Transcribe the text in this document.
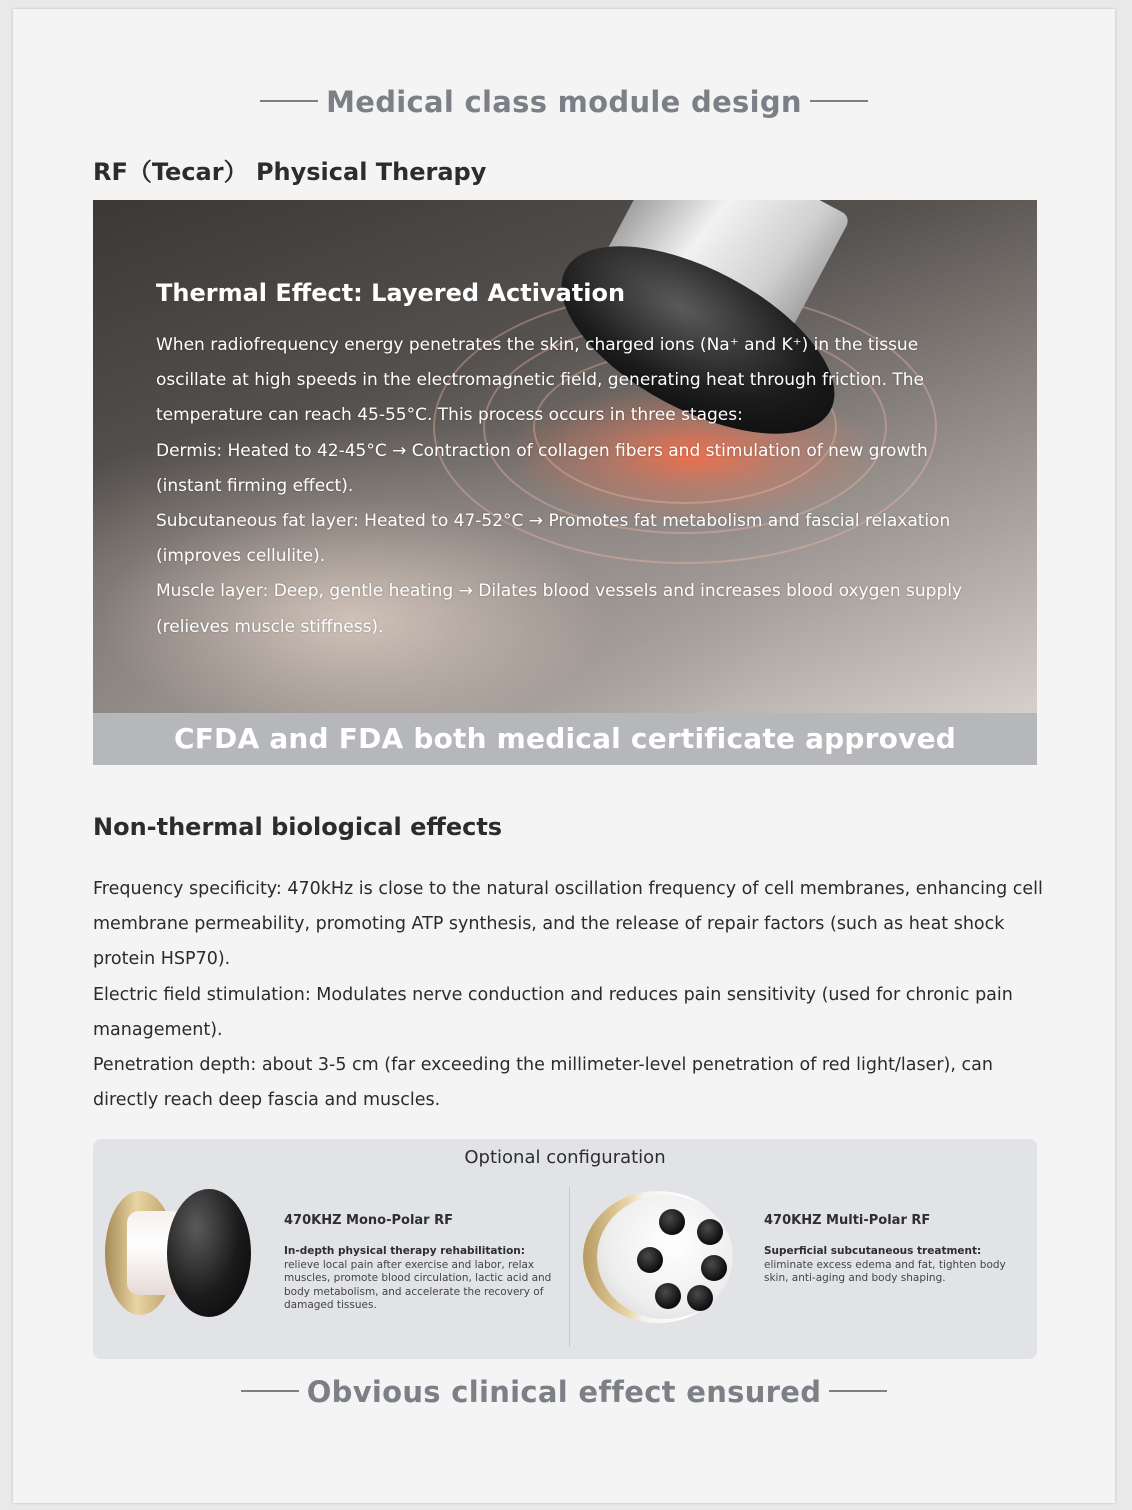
Medical class module design
RF（Tecar） Physical Therapy
Thermal Effect: Layered Activation

When radiofrequency energy penetrates the skin, charged ions (Na⁺ and K⁺) in the tissue oscillate at high speeds in the electromagnetic field, generating heat through friction. The temperature can reach 45-55°C. This process occurs in three stages:

Dermis: Heated to 42-45°C → Contraction of collagen fibers and stimulation of new growth (instant firming effect).

Subcutaneous fat layer: Heated to 47-52°C → Promotes fat metabolism and fascial relaxation (improves cellulite).

Muscle layer: Deep, gentle heating → Dilates blood vessels and increases blood oxygen supply (relieves muscle stiffness).

CFDA and FDA both medical certificate approved
Non-thermal biological effects

Frequency specificity: 470kHz is close to the natural oscillation frequency of cell membranes, enhancing cell membrane permeability, promoting ATP synthesis, and the release of repair factors (such as heat shock protein HSP70).

Electric field stimulation: Modulates nerve conduction and reduces pain sensitivity (used for chronic pain management).

Penetration depth: about 3-5 cm (far exceeding the millimeter-level penetration of red light/laser), can directly reach deep fascia and muscles.

Optional configuration
470KHZ Mono-Polar RF
In-depth physical therapy rehabilitation:
relieve local pain after exercise and labor, relax muscles, promote blood circulation, lactic acid and body metabolism, and accelerate the recovery of damaged tissues.
470KHZ Multi-Polar RF
Superficial subcutaneous treatment:
eliminate excess edema and fat, tighten body skin, anti-aging and body shaping.
Obvious clinical effect ensured
